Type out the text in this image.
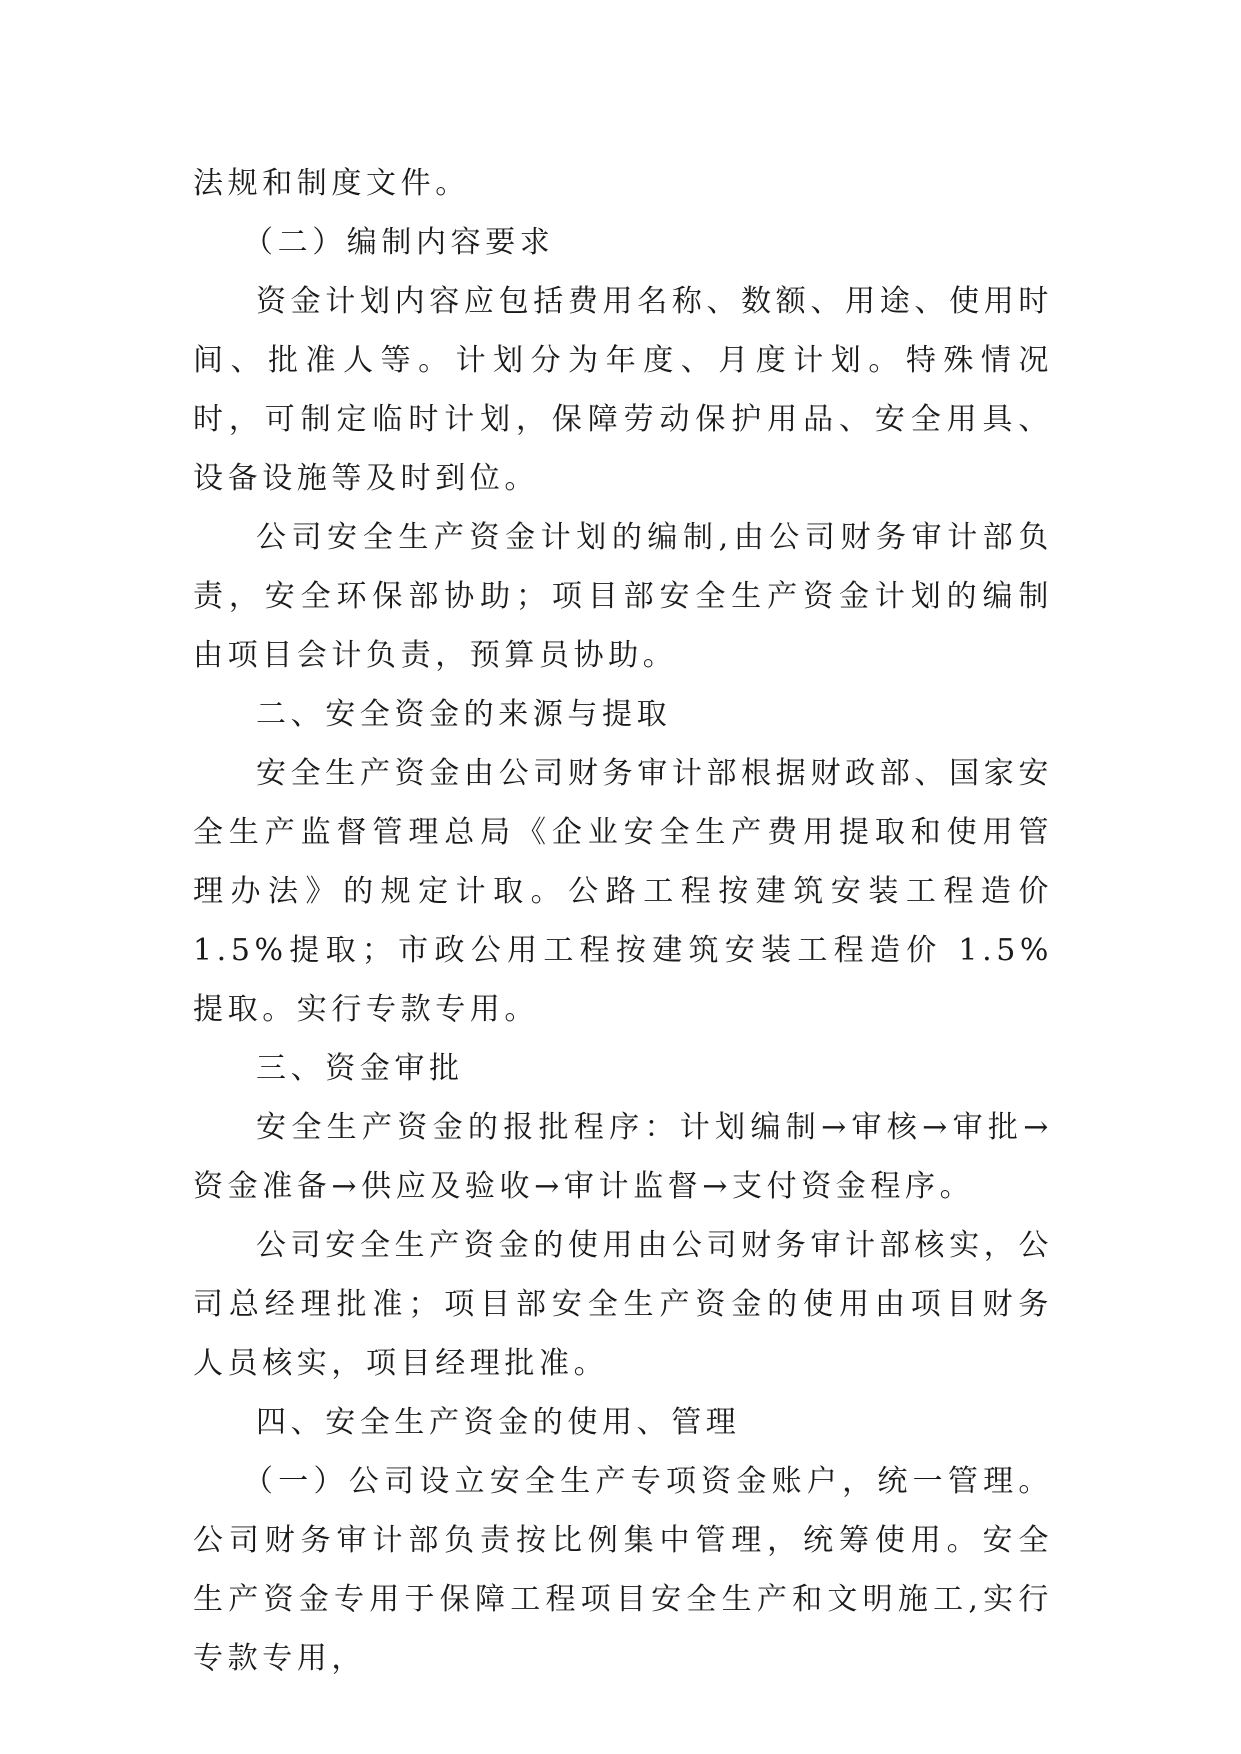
法规和制度文件。

（二）编制内容要求

资金计划内容应包括费用名称、数额、用途、使用时间、批准人等。计划分为年度、月度计划。特殊情况时，可制定临时计划，保障劳动保护用品、安全用具、设备设施等及时到位。

公司安全生产资金计划的编制,由公司财务审计部负责，安全环保部协助；项目部安全生产资金计划的编制由项目会计负责，预算员协助。

二、安全资金的来源与提取

安全生产资金由公司财务审计部根据财政部、国家安全生产监督管理总局《企业安全生产费用提取和使用管理办法》的规定计取。公路工程按建筑安装工程造价 1.5%提取；市政公用工程按建筑安装工程造价 1.5%提取。实行专款专用。

三、资金审批

安全生产资金的报批程序：计划编制→审核→审批→资金准备→供应及验收→审计监督→支付资金程序。

公司安全生产资金的使用由公司财务审计部核实，公司总经理批准；项目部安全生产资金的使用由项目财务人员核实，项目经理批准。

四、安全生产资金的使用、管理

（一）公司设立安全生产专项资金账户，统一管理。公司财务审计部负责按比例集中管理，统筹使用。安全生产资金专用于保障工程项目安全生产和文明施工,实行专款专用，
